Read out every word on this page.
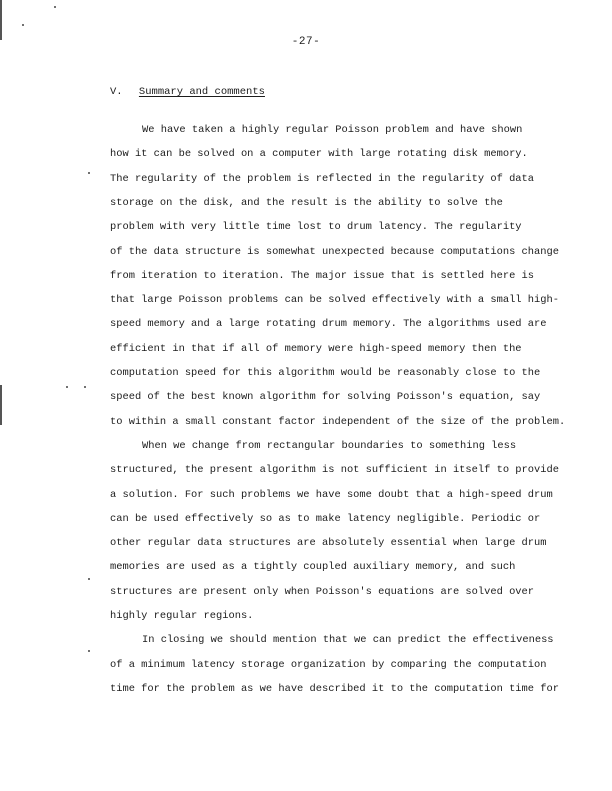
-27-
V. Summary and comments
We have taken a highly regular Poisson problem and have shown
how it can be solved on a computer with large rotating disk memory.
The regularity of the problem is reflected in the regularity of data
storage on the disk, and the result is the ability to solve the
problem with very little time lost to drum latency. The regularity
of the data structure is somewhat unexpected because computations change
from iteration to iteration. The major issue that is settled here is
that large Poisson problems can be solved effectively with a small high-
speed memory and a large rotating drum memory. The algorithms used are
efficient in that if all of memory were high-speed memory then the
computation speed for this algorithm would be reasonably close to the
speed of the best known algorithm for solving Poisson's equation, say
to within a small constant factor independent of the size of the problem.
When we change from rectangular boundaries to something less
structured, the present algorithm is not sufficient in itself to provide
a solution. For such problems we have some doubt that a high-speed drum
can be used effectively so as to make latency negligible. Periodic or
other regular data structures are absolutely essential when large drum
memories are used as a tightly coupled auxiliary memory, and such
structures are present only when Poisson's equations are solved over
highly regular regions.
In closing we should mention that we can predict the effectiveness
of a minimum latency storage organization by comparing the computation
time for the problem as we have described it to the computation time for
